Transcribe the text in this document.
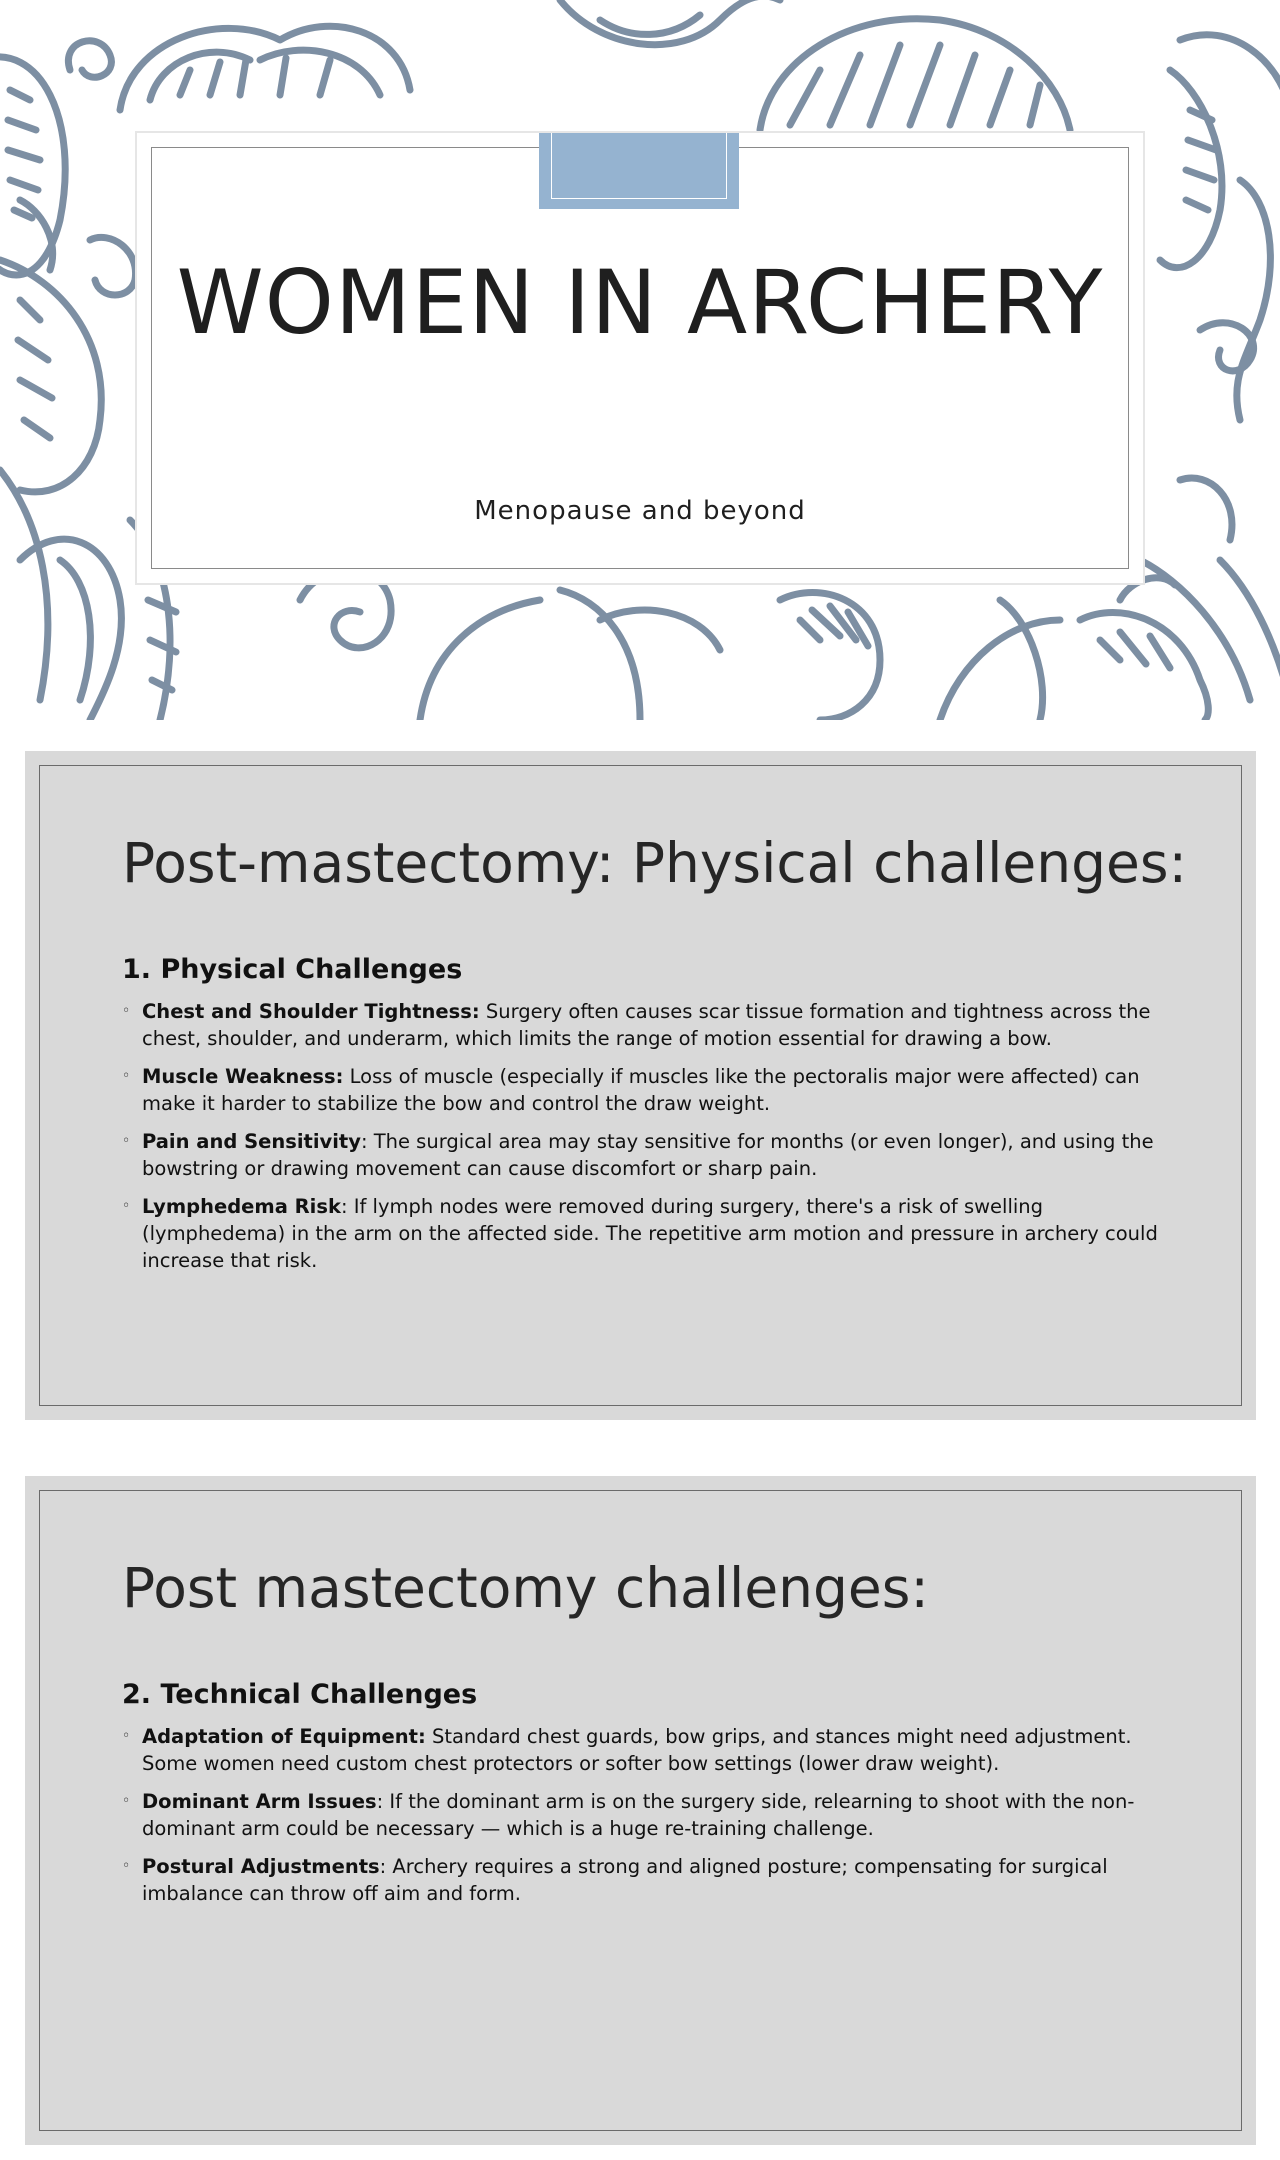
WOMEN IN ARCHERY
Menopause and beyond
Post-mastectomy: Physical challenges:
1. Physical Challenges
◦ Chest and Shoulder Tightness: Surgery often causes scar tissue formation and tightness across the chest, shoulder, and underarm, which limits the range of motion essential for drawing a bow.
◦ Muscle Weakness: Loss of muscle (especially if muscles like the pectoralis major were affected) can make it harder to stabilize the bow and control the draw weight.
◦ Pain and Sensitivity: The surgical area may stay sensitive for months (or even longer), and using the bowstring or drawing movement can cause discomfort or sharp pain.
◦ Lymphedema Risk: If lymph nodes were removed during surgery, there's a risk of swelling (lymphedema) in the arm on the affected side. The repetitive arm motion and pressure in archery could increase that risk.
Post mastectomy challenges:
2. Technical Challenges
◦ Adaptation of Equipment: Standard chest guards, bow grips, and stances might need adjustment. Some women need custom chest protectors or softer bow settings (lower draw weight).
◦ Dominant Arm Issues: If the dominant arm is on the surgery side, relearning to shoot with the non-dominant arm could be necessary — which is a huge re-training challenge.
◦ Postural Adjustments: Archery requires a strong and aligned posture; compensating for surgical imbalance can throw off aim and form.
